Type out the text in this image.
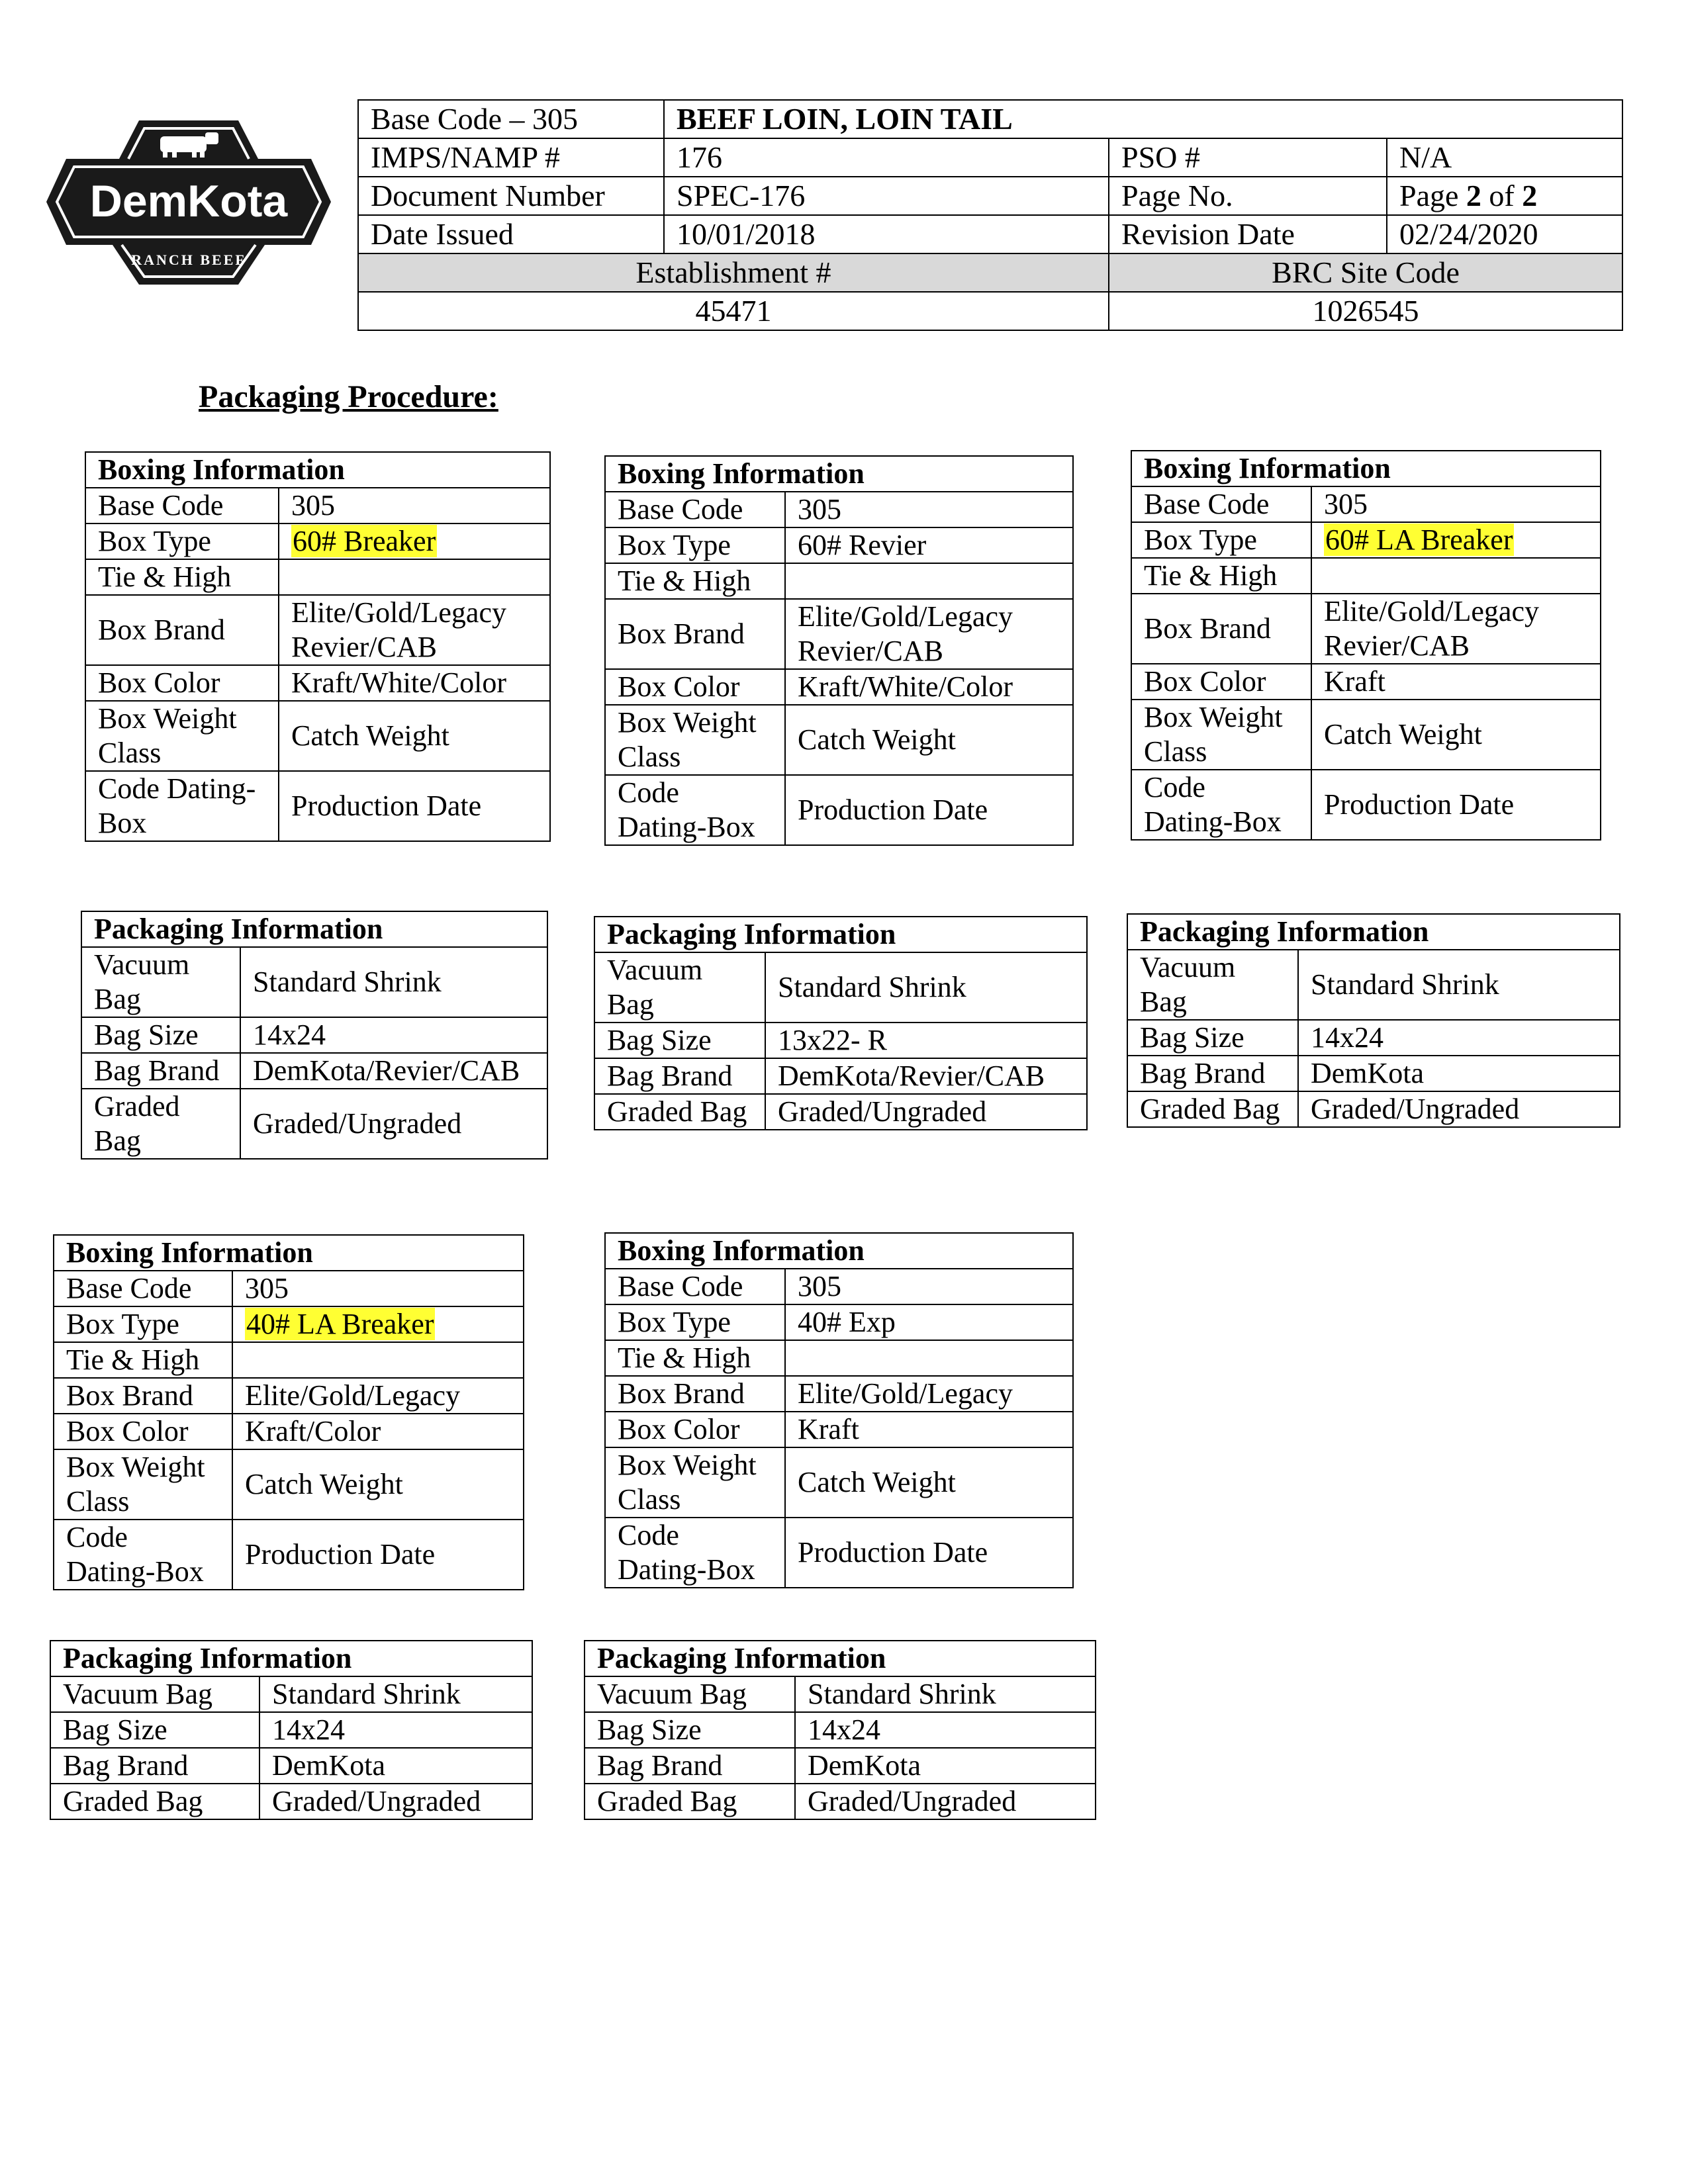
DemKota
RANCH BEEF ®
Base Code – 305	BEEF LOIN, LOIN TAIL		
IMPS/NAMP #	176	PSO #	N/A
Document Number	SPEC-176	Page No.	Page 2 of 2
Date Issued	10/01/2018	Revision Date	02/24/2020
Establishment #		BRC Site Code	
45471		1026545	
Packaging Procedure:
Boxing Information	
Base Code	305
Box Type	60# Breaker
Tie & High	
Box Brand	Elite/Gold/Legacy Revier/CAB
Box Color	Kraft/White/Color
Box Weight Class	Catch Weight
Code Dating-Box	Production Date
Boxing Information	
Base Code	305
Box Type	60# Revier
Tie & High	
Box Brand	Elite/Gold/Legacy Revier/CAB
Box Color	Kraft/White/Color
Box Weight Class	Catch Weight
Code Dating-Box	Production Date
Boxing Information	
Base Code	305
Box Type	60# LA Breaker
Tie & High	
Box Brand	Elite/Gold/Legacy Revier/CAB
Box Color	Kraft
Box Weight Class	Catch Weight
Code Dating-Box	Production Date
Packaging Information	
Vacuum Bag	Standard Shrink
Bag Size	14x24
Bag Brand	DemKota/Revier/CAB
Graded Bag	Graded/Ungraded
Packaging Information	
Vacuum Bag	Standard Shrink
Bag Size	13x22- R
Bag Brand	DemKota/Revier/CAB
Graded Bag	Graded/Ungraded
Packaging Information	
Vacuum Bag	Standard Shrink
Bag Size	14x24
Bag Brand	DemKota
Graded Bag	Graded/Ungraded
Boxing Information	
Base Code	305
Box Type	40# LA Breaker
Tie & High	
Box Brand	Elite/Gold/Legacy
Box Color	Kraft/Color
Box Weight Class	Catch Weight
Code Dating-Box	Production Date
Boxing Information	
Base Code	305
Box Type	40# Exp
Tie & High	
Box Brand	Elite/Gold/Legacy
Box Color	Kraft
Box Weight Class	Catch Weight
Code Dating-Box	Production Date
Packaging Information	
Vacuum Bag	Standard Shrink
Bag Size	14x24
Bag Brand	DemKota
Graded Bag	Graded/Ungraded
Packaging Information	
Vacuum Bag	Standard Shrink
Bag Size	14x24
Bag Brand	DemKota
Graded Bag	Graded/Ungraded
